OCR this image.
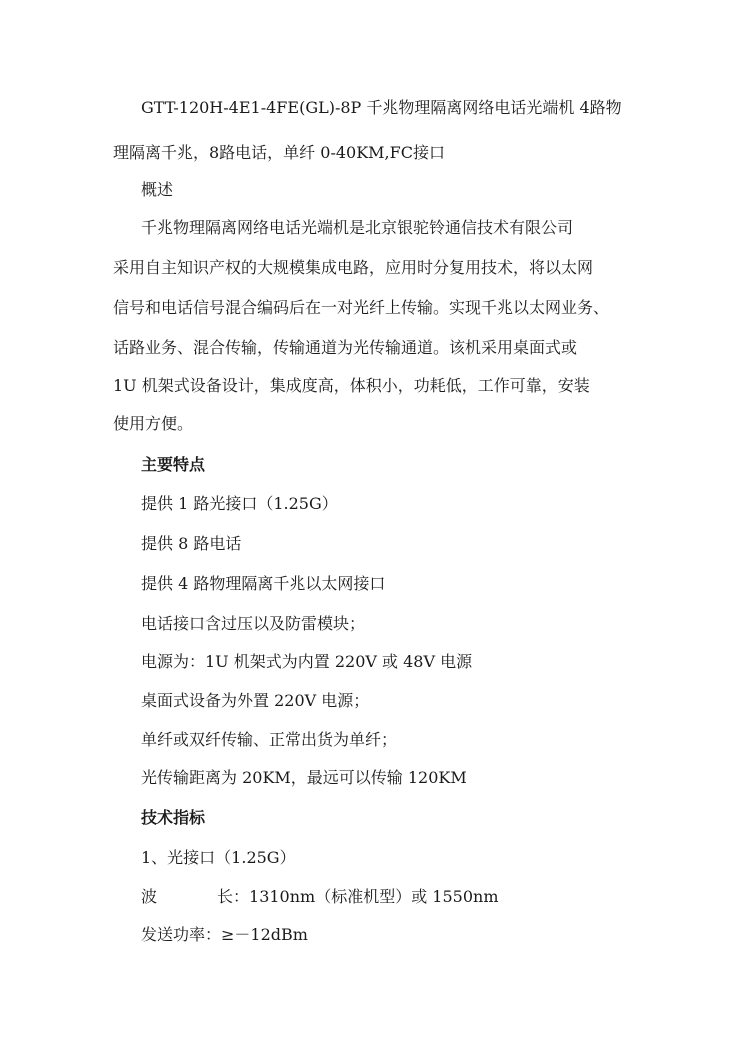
GTT-120H-4E1-4FE(GL)-8P 千兆物理隔离网络电话光端机 4路物
理隔离千兆，8路电话，单纤 0-40KM,FC接口
概述
千兆物理隔离网络电话光端机是北京银驼铃通信技术有限公司
采用自主知识产权的大规模集成电路，应用时分复用技术，将以太网
信号和电话信号混合编码后在一对光纤上传输。实现千兆以太网业务、
话路业务、混合传输，传输通道为光传输通道。该机采用桌面式或
1U 机架式设备设计，集成度高，体积小，功耗低，工作可靠，安装
使用方便。
主要特点
提供 1 路光接口（1.25G）
提供 8 路电话
提供 4 路物理隔离千兆以太网接口
电话接口含过压以及防雷模块；
电源为：1U 机架式为内置 220V 或 48V 电源
桌面式设备为外置 220V 电源；
单纤或双纤传输、正常出货为单纤；
光传输距离为 20KM，最远可以传输 120KM
技术指标
1、光接口（1.25G）
波	长：1310nm（标准机型）或 1550nm
发送功率：≥－12dBm
